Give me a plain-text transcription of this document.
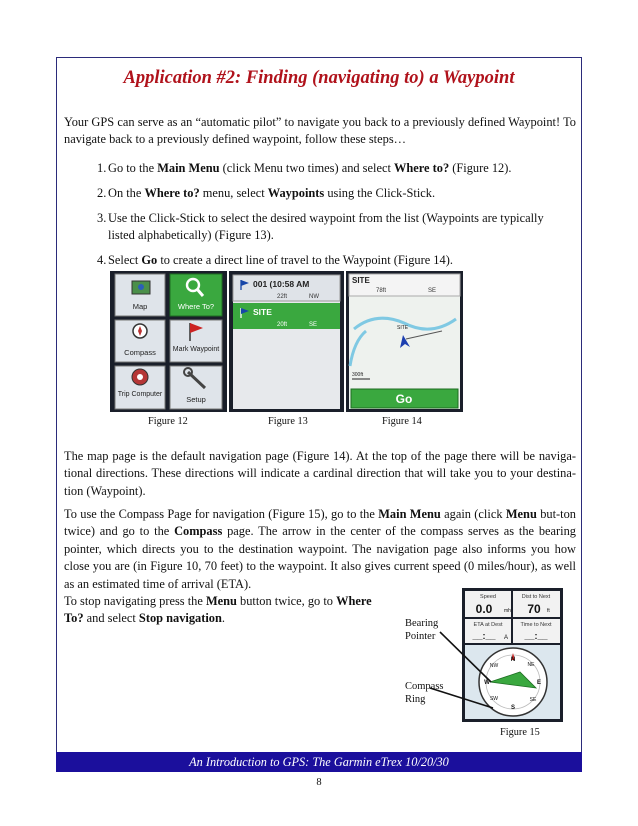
Application #2: Finding (navigating to) a Waypoint
Your GPS can serve as an “automatic pilot” to navigate you back to a previously defined Waypoint! To navigate back to a previously defined waypoint, follow these steps…
1. Go to the Main Menu (click Menu two times) and select Where to? (Figure 12).
2. On the Where to? menu, select Waypoints using the Click-Stick.
3. Use the Click-Stick to select the desired waypoint from the list (Waypoints are typically listed alphabetically) (Figure 13).
4. Select Go to create a direct line of travel to the Waypoint (Figure 14).
Map	Where To?
Compass Mark Waypoint
Trip Computer
Setup
001 (10:58 AM
22ft	NW
SITE
20ft	SE
SITE
78ft	SE
SITE
300ft
Go
Figure 12	Figure 13	Figure 14
The map page is the default navigation page (Figure 14). At the top of the page there will be naviga-tional directions. These directions will indicate a cardinal direction that will take you to your destina-tion (Waypoint).
To use the Compass Page for navigation (Figure 15), go to the Main Menu again (click Menu but-ton twice) and go to the Compass page. The arrow in the center of the compass serves as the bearing pointer, which directs you to the destination waypoint. The navigation page also informs you how close you are (in Figure 10, 70 feet) to the waypoint. It also gives current speed (0 miles/hour), as well as an estimated time of arrival (ETA).
To stop navigating press the Menu button twice, go to Where To? and select Stop navigation.
Speed
0.0 mh
Dist to Next
70 ft
ETA at Dest
__:__ A
Time to Next
__:__
N
NE
E
SE
S
SW
W
NW
Bearing Pointer
Compass Ring
Figure 15
An Introduction to GPS: The Garmin eTrex 10/20/30
8
